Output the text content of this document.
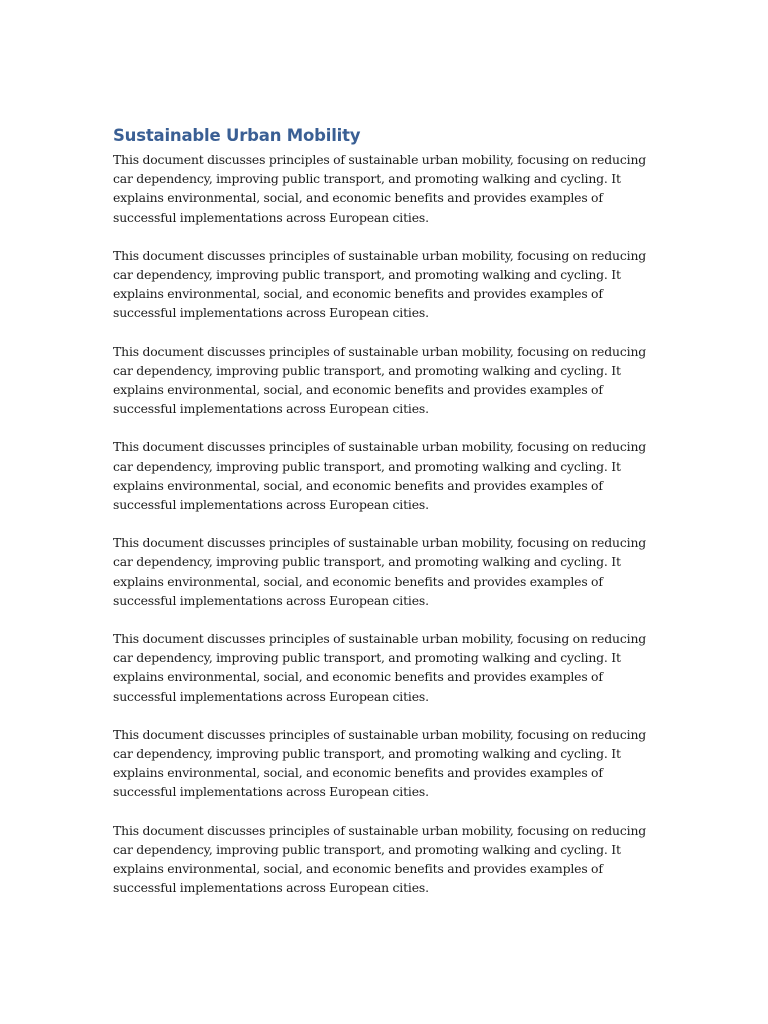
Sustainable Urban Mobility

This document discusses principles of sustainable urban mobility, focusing on reducing car dependency, improving public transport, and promoting walking and cycling. It explains environmental, social, and economic benefits and provides examples of successful implementations across European cities.

This document discusses principles of sustainable urban mobility, focusing on reducing car dependency, improving public transport, and promoting walking and cycling. It explains environmental, social, and economic benefits and provides examples of successful implementations across European cities.

This document discusses principles of sustainable urban mobility, focusing on reducing car dependency, improving public transport, and promoting walking and cycling. It explains environmental, social, and economic benefits and provides examples of successful implementations across European cities.

This document discusses principles of sustainable urban mobility, focusing on reducing car dependency, improving public transport, and promoting walking and cycling. It explains environmental, social, and economic benefits and provides examples of successful implementations across European cities.

This document discusses principles of sustainable urban mobility, focusing on reducing car dependency, improving public transport, and promoting walking and cycling. It explains environmental, social, and economic benefits and provides examples of successful implementations across European cities.

This document discusses principles of sustainable urban mobility, focusing on reducing car dependency, improving public transport, and promoting walking and cycling. It explains environmental, social, and economic benefits and provides examples of successful implementations across European cities.

This document discusses principles of sustainable urban mobility, focusing on reducing car dependency, improving public transport, and promoting walking and cycling. It explains environmental, social, and economic benefits and provides examples of successful implementations across European cities.

This document discusses principles of sustainable urban mobility, focusing on reducing car dependency, improving public transport, and promoting walking and cycling. It explains environmental, social, and economic benefits and provides examples of successful implementations across European cities.
